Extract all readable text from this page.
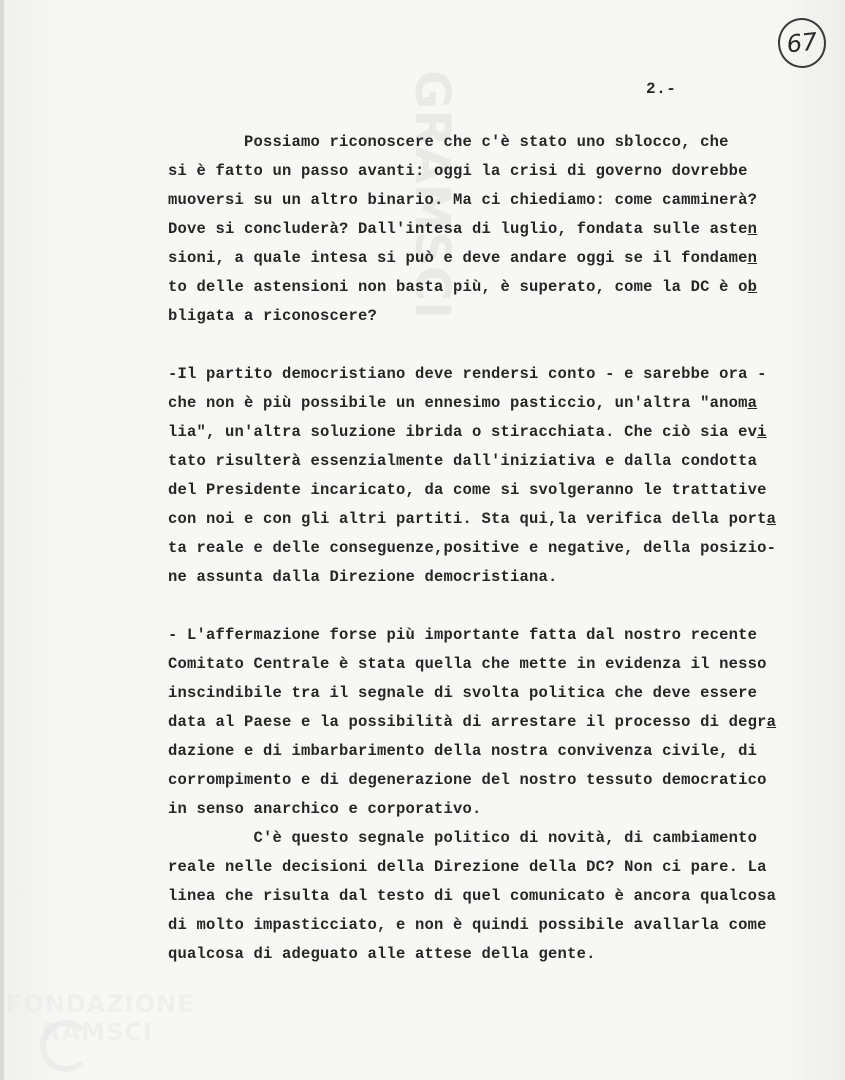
GRAMSCI
67
2.-
Possiamo riconoscere che c'è stato uno sblocco, che
si è fatto un passo avanti: oggi la crisi di governo dovrebbe
muoversi su un altro binario. Ma ci chiediamo: come camminerà?
Dove si concluderà? Dall'intesa di luglio, fondata sulle asten
sioni, a quale intesa si può e deve andare oggi se il fondamen
to delle astensioni non basta più, è superato, come la DC è ob
bligata a riconoscere?
-Il partito democristiano deve rendersi conto - e sarebbe ora -
che non è più possibile un ennesimo pasticcio, un'altra "anoma
lia", un'altra soluzione ibrida o stiracchiata. Che ciò sia evi
tato risulterà essenzialmente dall'iniziativa e dalla condotta
del Presidente incaricato, da come si svolgeranno le trattative
con noi e con gli altri partiti. Sta qui,la verifica della porta
ta reale e delle conseguenze,positive e negative, della posizio-
ne assunta dalla Direzione democristiana.
- L'affermazione forse più importante fatta dal nostro recente
Comitato Centrale è stata quella che mette in evidenza il nesso
inscindibile tra il segnale di svolta politica che deve essere
data al Paese e la possibilità di arrestare il processo di degra
dazione e di imbarbarimento della nostra convivenza civile, di
corrompimento e di degenerazione del nostro tessuto democratico
in senso anarchico e corporativo.
C'è questo segnale politico di novità, di cambiamento
reale nelle decisioni della Direzione della DC? Non ci pare. La
linea che risulta dal testo di quel comunicato è ancora qualcosa
di molto impasticciato, e non è quindi possibile avallarla come
qualcosa di adeguato alle attese della gente.
FONDAZIONE
RAMSCI
